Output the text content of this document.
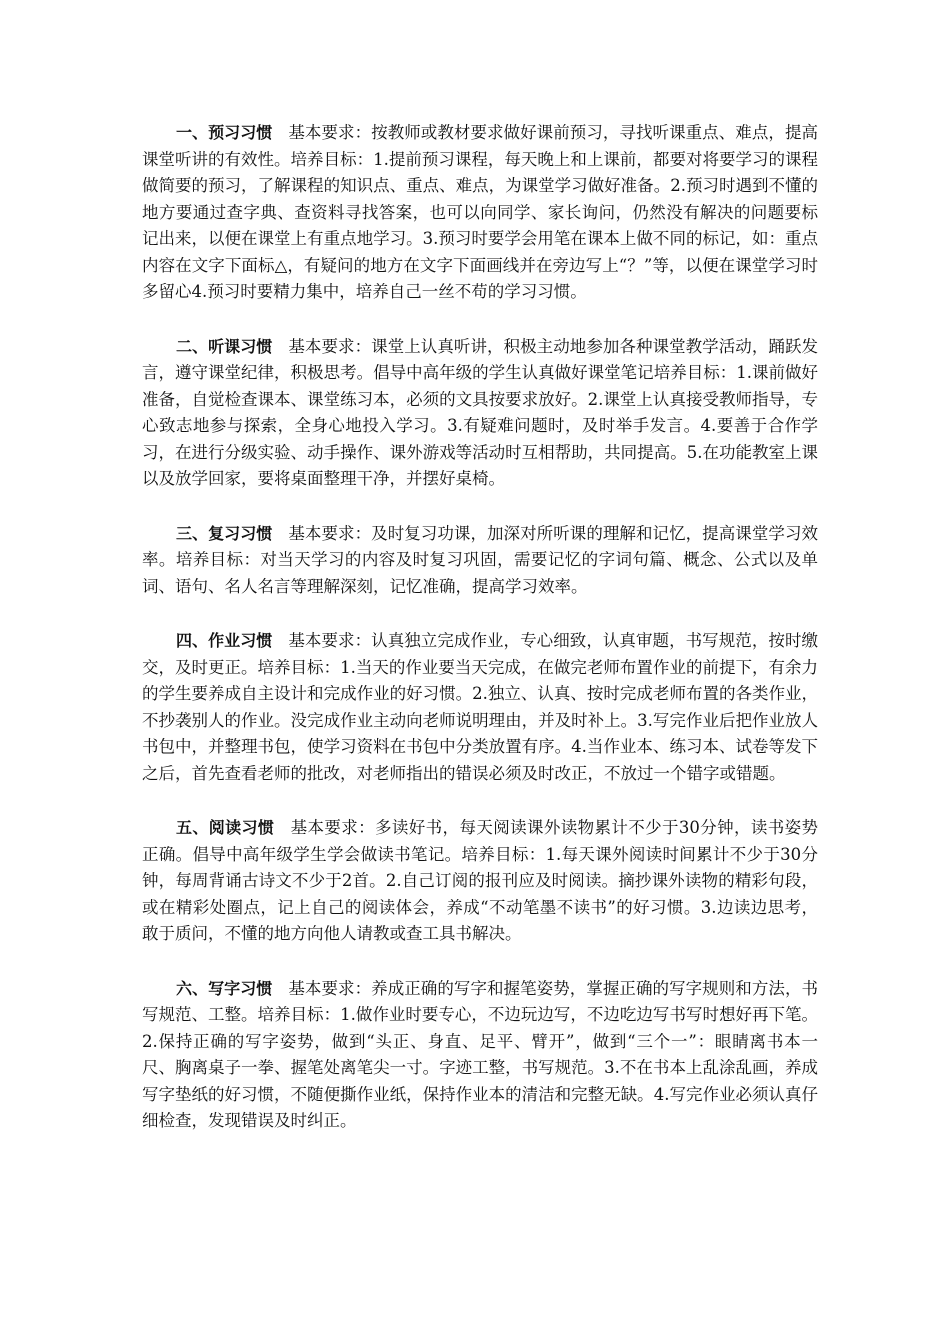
一、预习习惯 基本要求：按教师或教材要求做好课前预习，寻找听课重点、难点，提高课堂听讲的有效性。培养目标：1.提前预习课程，每天晚上和上课前，都要对将要学习的课程做简要的预习，了解课程的知识点、重点、难点，为课堂学习做好准备。2.预习时遇到不懂的地方要通过查字典、查资料寻找答案，也可以向同学、家长询问，仍然没有解决的问题要标记出来，以便在课堂上有重点地学习。3.预习时要学会用笔在课本上做不同的标记，如：重点内容在文字下面标△，有疑问的地方在文字下面画线并在旁边写上“？”等，以便在课堂学习时多留心4.预习时要精力集中，培养自己一丝不苟的学习习惯。

二、听课习惯 基本要求：课堂上认真听讲，积极主动地参加各种课堂教学活动，踊跃发言，遵守课堂纪律，积极思考。倡导中高年级的学生认真做好课堂笔记培养目标：1.课前做好准备，自觉检查课本、课堂练习本，必须的文具按要求放好。2.课堂上认真接受教师指导，专心致志地参与探索，全身心地投入学习。3.有疑难问题时，及时举手发言。4.要善于合作学习，在进行分级实验、动手操作、课外游戏等活动时互相帮助，共同提高。5.在功能教室上课以及放学回家，要将桌面整理干净，并摆好桌椅。

三、复习习惯 基本要求：及时复习功课，加深对所听课的理解和记忆，提高课堂学习效率。培养目标：对当天学习的内容及时复习巩固，需要记忆的字词句篇、概念、公式以及单词、语句、名人名言等理解深刻，记忆准确，提高学习效率。

四、作业习惯 基本要求：认真独立完成作业，专心细致，认真审题，书写规范，按时缴交，及时更正。培养目标：1.当天的作业要当天完成，在做完老师布置作业的前提下，有余力的学生要养成自主设计和完成作业的好习惯。2.独立、认真、按时完成老师布置的各类作业，不抄袭别人的作业。没完成作业主动向老师说明理由，并及时补上。3.写完作业后把作业放人书包中，并整理书包，使学习资料在书包中分类放置有序。4.当作业本、练习本、试卷等发下之后，首先查看老师的批改，对老师指出的错误必须及时改正，不放过一个错字或错题。

五、阅读习惯 基本要求：多读好书，每天阅读课外读物累计不少于30分钟，读书姿势正确。倡导中高年级学生学会做读书笔记。培养目标：1.每天课外阅读时间累计不少于30分钟，每周背诵古诗文不少于2首。2.自己订阅的报刊应及时阅读。摘抄课外读物的精彩句段，或在精彩处圈点，记上自己的阅读体会，养成“不动笔墨不读书”的好习惯。3.边读边思考，敢于质问，不懂的地方向他人请教或查工具书解决。

六、写字习惯 基本要求：养成正确的写字和握笔姿势，掌握正确的写字规则和方法，书写规范、工整。培养目标：1.做作业时要专心，不边玩边写，不边吃边写书写时想好再下笔。2.保持正确的写字姿势，做到“头正、身直、足平、臂开”，做到“三个一”：眼睛离书本一尺、胸离桌子一拳、握笔处离笔尖一寸。字迹工整，书写规范。3.不在书本上乱涂乱画，养成写字垫纸的好习惯，不随便撕作业纸，保持作业本的清洁和完整无缺。4.写完作业必须认真仔细检查，发现错误及时纠正。
